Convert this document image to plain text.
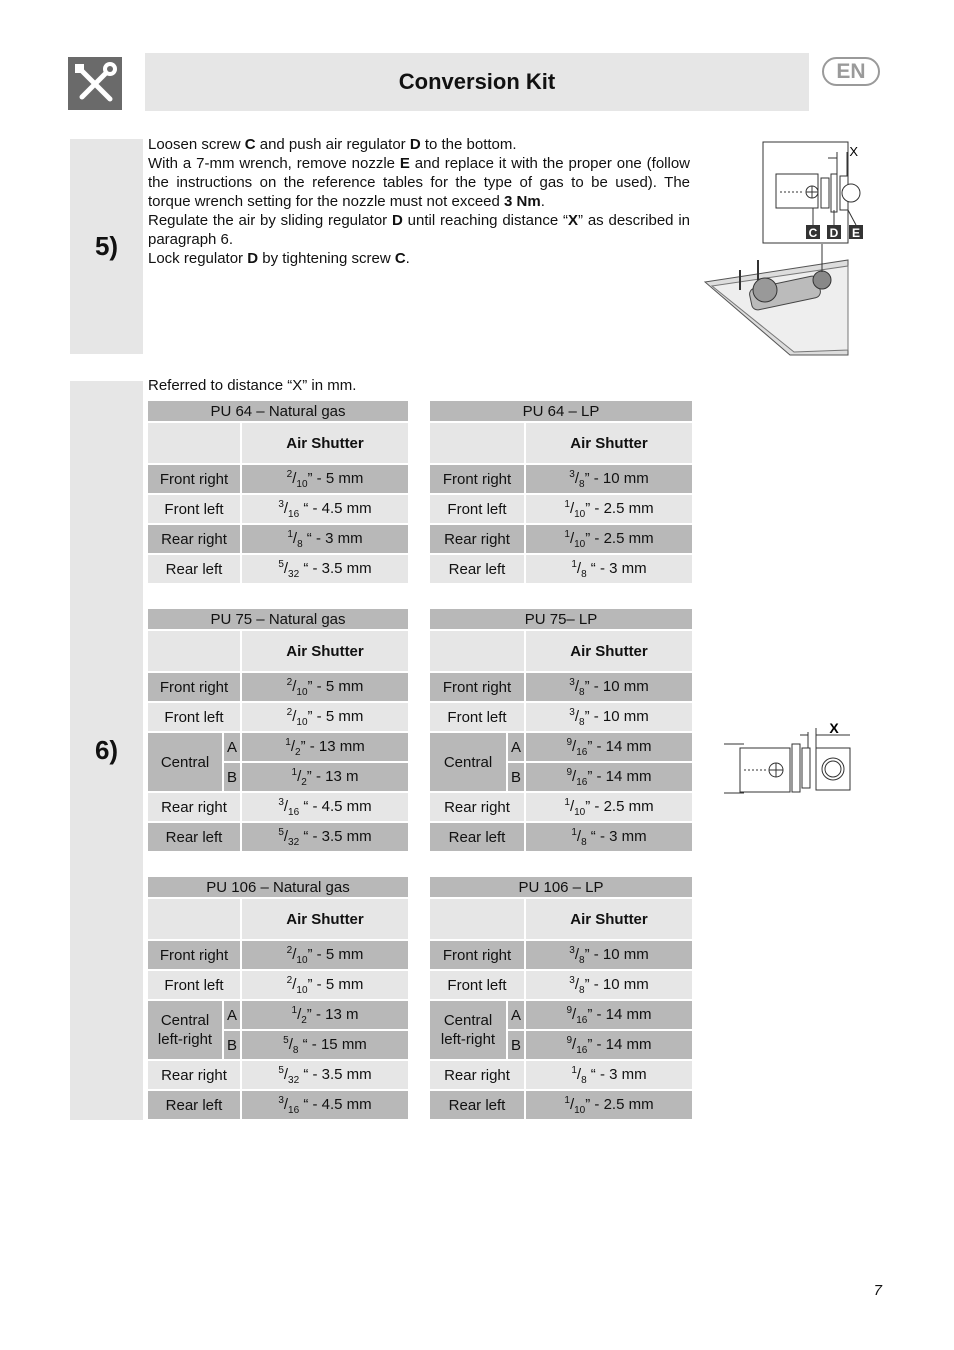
Conversion Kit	EN
5)

Loosen screw C and push air regulator D to the bottom.

With a 7-mm wrench, remove nozzle E and replace it with the proper one (follow the instructions on the reference tables for the type of gas to be used). The torque wrench setting for the nozzle must not exceed 3 Nm.

Regulate the air by sliding regulator D until reaching distance “X” as described in paragraph 6.

Lock regulator D by tightening screw C.

X
C D E
6)
Referred to distance “X” in mm.
PU 64 – Natural gas	
	Air Shutter
Front right	$^2/_{10}$” - 5 mm
Front left	$^3/_{16}$ “ - 4.5 mm
Rear right	$^1/_8$ “ - 3 mm
Rear left	$^5/_{32}$ “ - 3.5 mm
PU 64 – LP	
	Air Shutter
Front right	$^3/_8$” - 10 mm
Front left	$^1/_{10}$” - 2.5 mm
Rear right	$^1/_{10}$” - 2.5 mm
Rear left	$^1/_8$ “ - 3 mm
PU 75 – Natural gas		
		Air Shutter
Front right		$^2/_{10}$” - 5 mm
Front left		$^2/_{10}$” - 5 mm
Central	A	$^1/_2$” - 13 mm
	B	$^1/_2$” - 13 m
Rear right		$^3/_{16}$ “ - 4.5 mm
Rear left		$^5/_{32}$ “ - 3.5 mm
PU 75– LP		
		Air Shutter
Front right		$^3/_8$” - 10 mm
Front left		$^3/_8$” - 10 mm
Central	A	$^9/_{16}$” - 14 mm
	B	$^9/_{16}$” - 14 mm
Rear right		$^1/_{10}$” - 2.5 mm
Rear left		$^1/_8$ “ - 3 mm
PU 106 – Natural gas		
		Air Shutter
Front right		$^2/_{10}$” - 5 mm
Front left		$^2/_{10}$” - 5 mm
Central
left-right	A	$^1/_2$” - 13 m
	B	$^5/_8$ “ - 15 mm
Rear right		$^5/_{32}$ “ - 3.5 mm
Rear left		$^3/_{16}$ “ - 4.5 mm
PU 106 – LP		
		Air Shutter
Front right		$^3/_8$” - 10 mm
Front left		$^3/_8$” - 10 mm
Central
left-right	A	$^9/_{16}$” - 14 mm
	B	$^9/_{16}$” - 14 mm
Rear right		$^1/_8$ “ - 3 mm
Rear left		$^1/_{10}$” - 2.5 mm
X
7
